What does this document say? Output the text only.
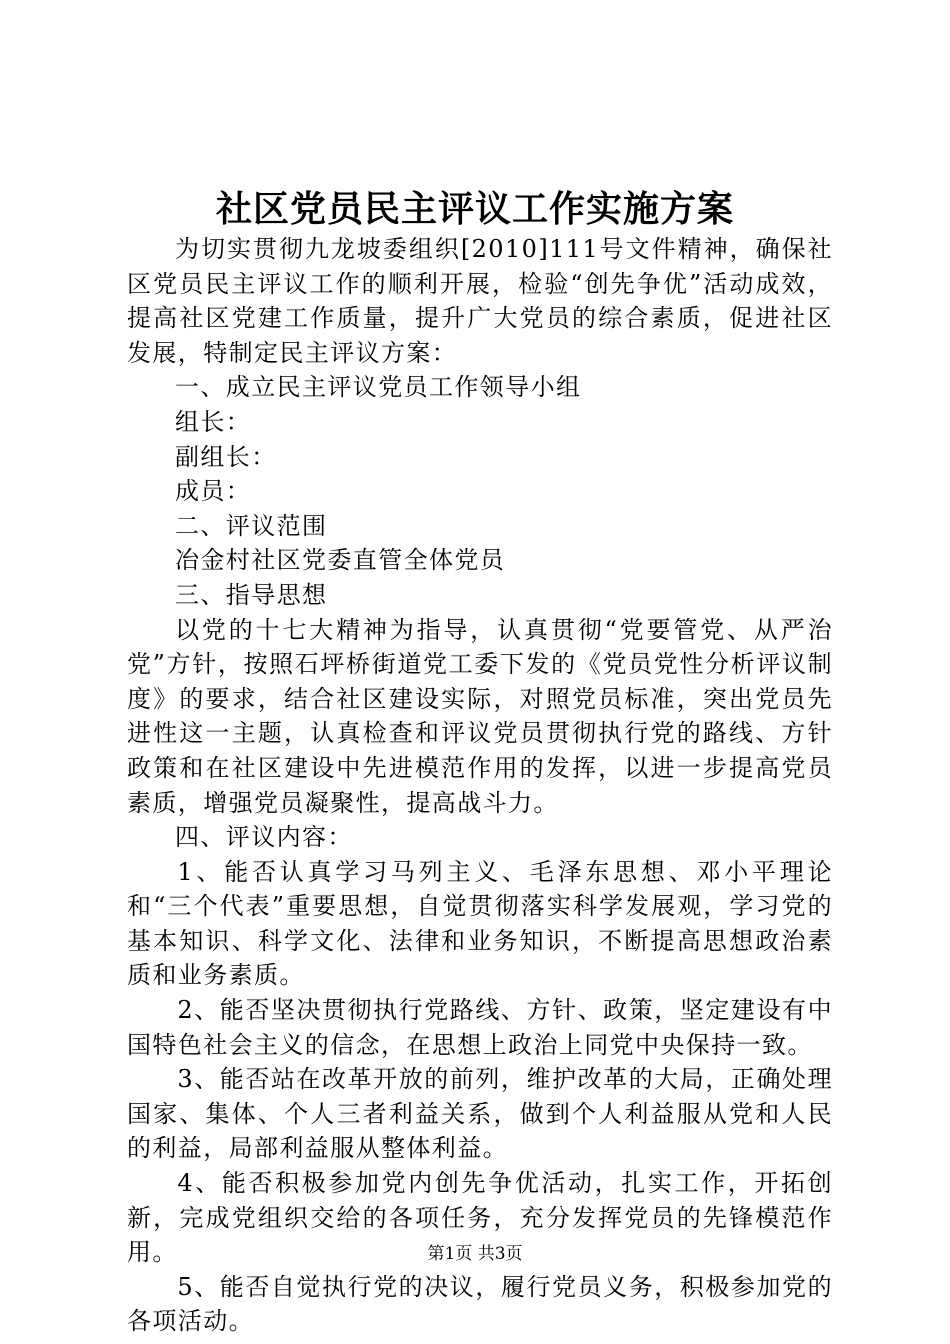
社区党员民主评议工作实施方案

为切实贯彻九龙坡委组织[2010]111号文件精神，确保社区党员民主评议工作的顺利开展，检验“创先争优”活动成效，提高社区党建工作质量，提升广大党员的综合素质，促进社区发展，特制定民主评议方案：

一、成立民主评议党员工作领导小组

组长：

副组长：

成员：

二、评议范围

冶金村社区党委直管全体党员

三、指导思想

以党的十七大精神为指导，认真贯彻“党要管党、从严治党”方针，按照石坪桥街道党工委下发的《党员党性分析评议制度》的要求，结合社区建设实际，对照党员标准，突出党员先进性这一主题，认真检查和评议党员贯彻执行党的路线、方针政策和在社区建设中先进模范作用的发挥，以进一步提高党员素质，增强党员凝聚性，提高战斗力。

四、评议内容：

1、能否认真学习马列主义、毛泽东思想、邓小平理论和“三个代表”重要思想，自觉贯彻落实科学发展观，学习党的基本知识、科学文化、法律和业务知识，不断提高思想政治素质和业务素质。

2、能否坚决贯彻执行党路线、方针、政策，坚定建设有中国特色社会主义的信念，在思想上政治上同党中央保持一致。

3、能否站在改革开放的前列，维护改革的大局，正确处理国家、集体、个人三者利益关系，做到个人利益服从党和人民的利益，局部利益服从整体利益。

4、能否积极参加党内创先争优活动，扎实工作，开拓创新，完成党组织交给的各项任务，充分发挥党员的先锋模范作用。

5、能否自觉执行党的决议，履行党员义务，积极参加党的各项活动。

第1页 共3页
